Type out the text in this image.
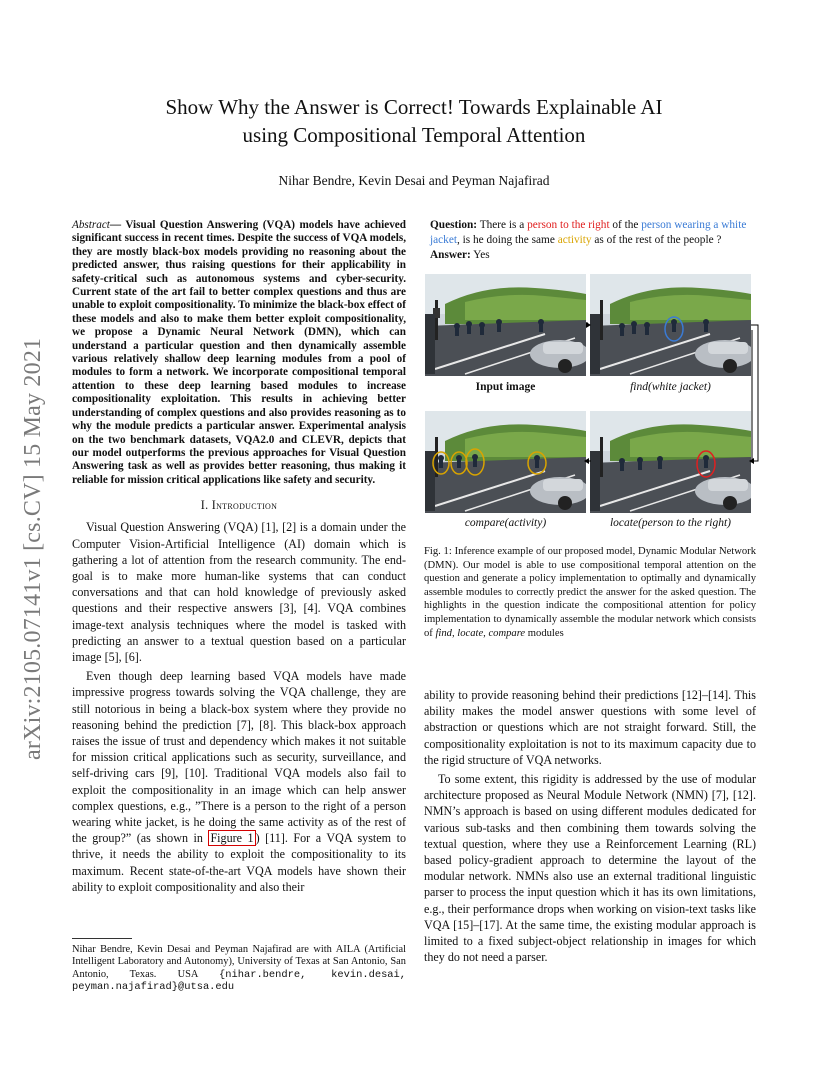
Show Why the Answer is Correct! Towards Explainable AI
using Compositional Temporal Attention
Nihar Bendre, Kevin Desai and Peyman Najafirad
arXiv:2105.07141v1 [cs.CV] 15 May 2021
Abstract— Visual Question Answering (VQA) models have achieved significant success in recent times. Despite the success of VQA models, they are mostly black-box models providing no reasoning about the predicted answer, thus raising questions for their applicability in safety-critical such as autonomous systems and cyber-security. Current state of the art fail to better complex questions and thus are unable to exploit compositionality. To minimize the black-box effect of these models and also to make them better exploit compositionality, we propose a Dynamic Neural Network (DMN), which can understand a particular question and then dynamically assemble various relatively shallow deep learning modules from a pool of modules to form a network. We incorporate compositional temporal attention to these deep learning based modules to increase compositionality exploitation. This results in achieving better understanding of complex questions and also provides reasoning as to why the module predicts a particular answer. Experimental analysis on the two benchmark datasets, VQA2.0 and CLEVR, depicts that our model outperforms the previous approaches for Visual Question Answering task as well as provides better reasoning, thus making it reliable for mission critical applications like safety and security.
I. Introduction

Visual Question Answering (VQA) [1], [2] is a domain under the Computer Vision-Artificial Intelligence (AI) domain which is gathering a lot of attention from the research community. The end-goal is to make more human-like systems that can conduct conversations and that can hold knowledge of previously asked questions and their respective answers [3], [4]. VQA combines image-text analysis techniques where the model is tasked with predicting an answer to a textual question based on a particular image [5], [6].

Even though deep learning based VQA models have made impressive progress towards solving the VQA challenge, they are still notorious in being a black-box system where they provide no reasoning behind the prediction [7], [8]. This black-box approach raises the issue of trust and dependency which makes it not suitable for mission critical applications such as security, surveillance, and self-driving cars [9], [10]. Traditional VQA models also fail to exploit the compositionality in an image which can help answer complex questions, e.g., ”There is a person to the right of a person wearing white jacket, is he doing the same activity as of the rest of the group?” (as shown in Figure 1 ) [11]. For a VQA system to thrive, it needs the ability to exploit the compositionality to its maximum. Recent state-of-the-art VQA models have shown their ability to exploit compositionality and also their

Nihar Bendre, Kevin Desai and Peyman Najafirad are with AILA (Artificial Intelligent Laboratory and Autonomy), University of Texas at San Antonio, San Antonio, Texas. USA {nihar.bendre, kevin.desai, peyman.najafirad}@utsa.edu
Question: There is a person to the right of the person wearing a white jacket, is he doing the same activity as of the rest of the people ?
Answer: Yes
Input image	find(white jacket)
compare(activity)	locate(person to the right)
Fig. 1: Inference example of our proposed model, Dynamic Modular Network (DMN). Our model is able to use compositional temporal attention on the question and generate a policy implementation to optimally and dynamically assemble modules to correctly predict the answer for the asked question. The highlights in the question indicate the compositional attention for policy implementation to dynamically assemble the modular network which consists of find, locate, compare modules

ability to provide reasoning behind their predictions [12]–[14]. This ability makes the model answer questions with some level of abstraction or questions which are not straight forward. Still, the compositionality exploitation is not to its maximum capacity due to the rigid structure of VQA networks.

To some extent, this rigidity is addressed by the use of modular architecture proposed as Neural Module Network (NMN) [7], [12]. NMN’s approach is based on using different modules dedicated for various sub-tasks and then combining them towards solving the textual question, where they use a Reinforcement Learning (RL) based policy-gradient approach to determine the layout of the modular network. NMNs also use an external traditional linguistic parser to process the input question which it has its own limitations, e.g., their performance drops when working on vision-text tasks like VQA [15]–[17]. At the same time, the existing modular approach is limited to a fixed subject-object relationship in images for which they do not need a parser.
